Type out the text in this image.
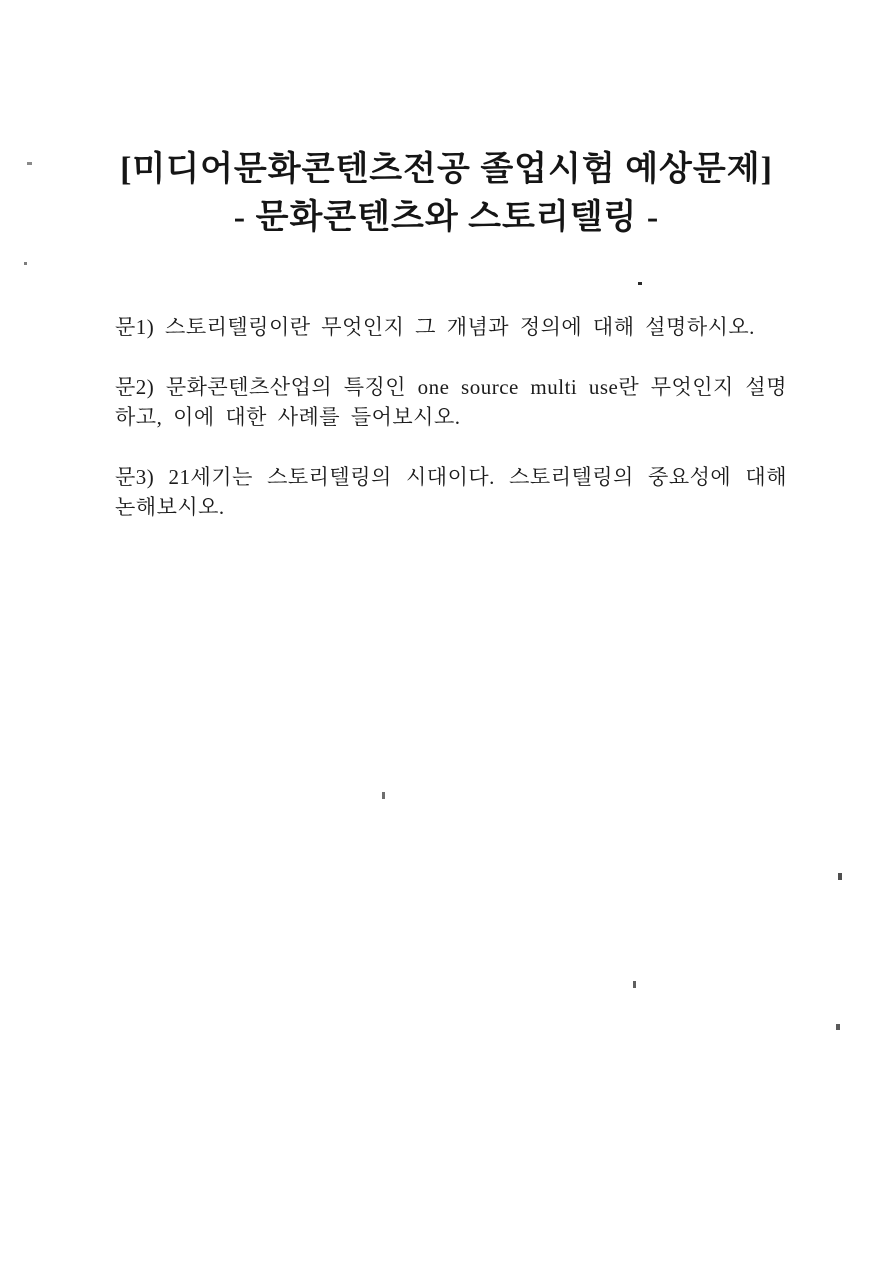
[미디어문화콘텐츠전공 졸업시험 예상문제]
- 문화콘텐츠와 스토리텔링 -

문1) 스토리텔링이란 무엇인지 그 개념과 정의에 대해 설명하시오.

문2) 문화콘텐츠산업의 특징인 one source multi use란 무엇인지 설명하고, 이에 대한 사례를 들어보시오.

문3) 21세기는 스토리텔링의 시대이다. 스토리텔링의 중요성에 대해 논해보시오.
